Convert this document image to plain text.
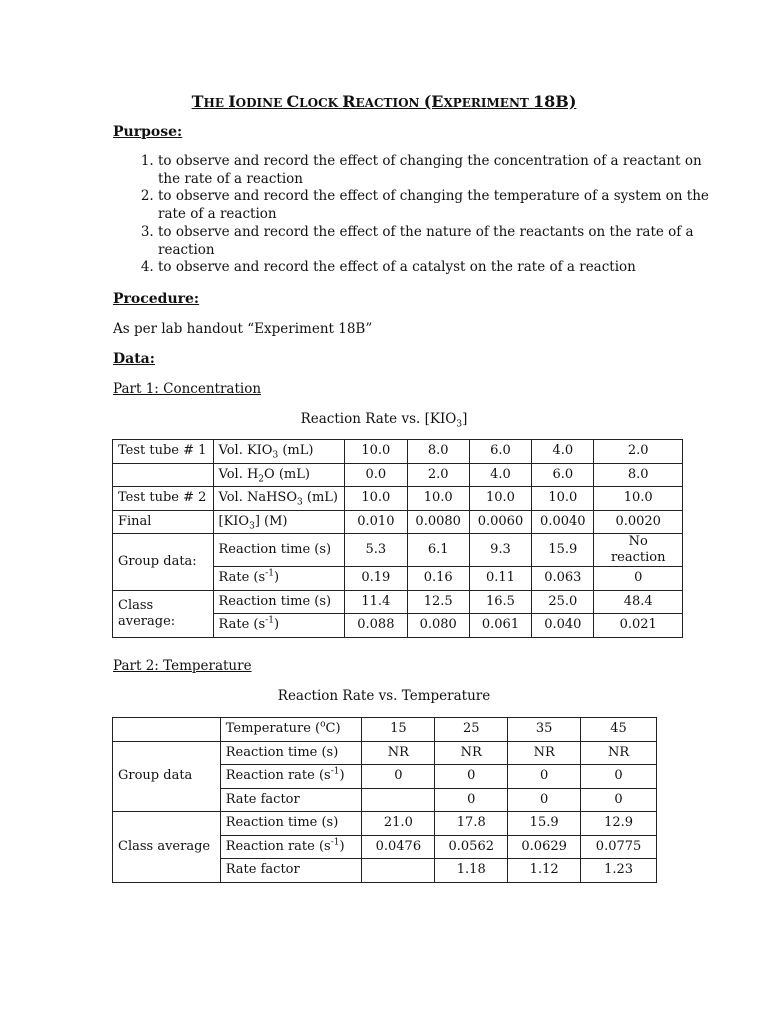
THE IODINE CLOCK REACTION (EXPERIMENT 18B)
Purpose:
1. to observe and record the effect of changing the concentration of a reactant on the rate of a reaction
2. to observe and record the effect of changing the temperature of a system on the rate of a reaction
3. to observe and record the effect of the nature of the reactants on the rate of a reaction
4. to observe and record the effect of a catalyst on the rate of a reaction
Procedure:
As per lab handout “Experiment 18B”
Data:
Part 1: Concentration
Reaction Rate vs. $[KIO_3]$
Test tube # 1	Vol. $KIO_3$ (mL)	10.0	8.0	6.0	4.0	2.0
	Vol. $H_2O$ (mL)	0.0	2.0	4.0	6.0	8.0
Test tube # 2	Vol. NaHSO$_3$ (mL)	10.0	10.0	10.0	10.0	10.0
Final	$[KIO_3]$ (M)	0.010	0.0080	0.0060	0.0040	0.0020
Group data:	Reaction time (s)	5.3	6.1	9.3	15.9	No reaction
	Rate $(s^{-1})$	0.19	0.16	0.11	0.063	0
Class average:	Reaction time (s)	11.4	12.5	16.5	25.0	48.4
	Rate $(s^{-1})$	0.088	0.080	0.061	0.040	0.021
Part 2: Temperature
Reaction Rate vs. Temperature
	Temperature ($^o$C)	15	25	35	45
Group data	Reaction time (s)	NR	NR	NR	NR
	Reaction rate $(s^{-1})$	0	0	0	0
	Rate factor		0	0	0
Class average	Reaction time (s)	21.0	17.8	15.9	12.9
	Reaction rate $(s^{-1})$	0.0476	0.0562	0.0629	0.0775
	Rate factor		1.18	1.12	1.23
